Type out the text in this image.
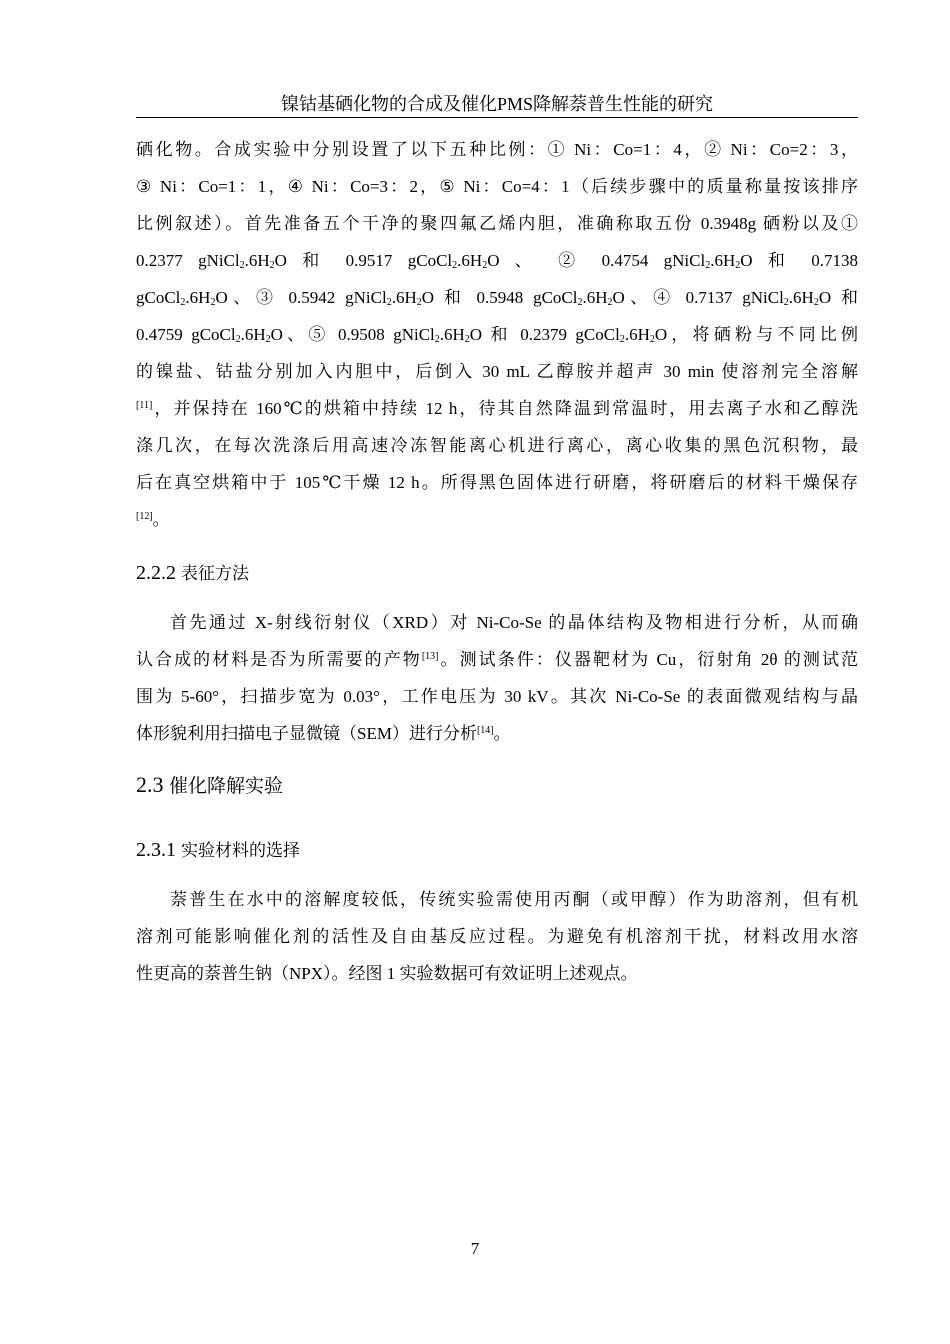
镍钴基硒化物的合成及催化PMS降解萘普生性能的研究
硒化物。合成实验中分别设置了以下五种比例：① Ni：Co=1：4，② Ni：Co=2：3，
③ Ni：Co=1：1，④ Ni：Co=3：2，⑤ Ni：Co=4：1（后续步骤中的质量称量按该排序
比例叙述）。首先准备五个干净的聚四氟乙烯内胆，准确称取五份 0.3948g 硒粉以及①
0.2377 $gNiCl_2.6H_2O$ 和 0.9517 $gCoCl_2.6H_2O$ 、 ② 0.4754 $gNiCl_2.6H_2O$ 和 0.7138
$gCoCl_2.6H_2O$、③ 0.5942 $gNiCl_2.6H_2O$ 和 0.5948 $gCoCl_2.6H_2O$、④ 0.7137 $gNiCl_2.6H_2O$ 和
0.4759 $gCoCl_2.6H_2O$、⑤ 0.9508 $gNiCl_2.6H_2O$ 和 0.2379 $gCoCl_2.6H_2O$，将硒粉与不同比例
的镍盐、钴盐分别加入内胆中，后倒入 30 mL 乙醇胺并超声 30 min 使溶剂完全溶解
[11]，并保持在 160℃的烘箱中持续 12 h，待其自然降温到常温时，用去离子水和乙醇洗
涤几次，在每次洗涤后用高速冷冻智能离心机进行离心，离心收集的黑色沉积物，最
后在真空烘箱中于 105℃干燥 12 h。所得黑色固体进行研磨，将研磨后的材料干燥保存
[12]。
2.2.2 表征方法
首先通过 X-射线衍射仪（XRD）对 Ni-Co-Se 的晶体结构及物相进行分析，从而确
认合成的材料是否为所需要的产物[13]。测试条件：仪器靶材为 Cu，衍射角 2θ 的测试范
围为 5-60°，扫描步宽为 0.03°，工作电压为 30 kV。其次 Ni-Co-Se 的表面微观结构与晶
体形貌利用扫描电子显微镜（SEM）进行分析[14]。
2.3 催化降解实验
2.3.1 实验材料的选择
萘普生在水中的溶解度较低，传统实验需使用丙酮（或甲醇）作为助溶剂，但有机
溶剂可能影响催化剂的活性及自由基反应过程。为避免有机溶剂干扰，材料改用水溶
性更高的萘普生钠（NPX）。经图 1 实验数据可有效证明上述观点。
7
